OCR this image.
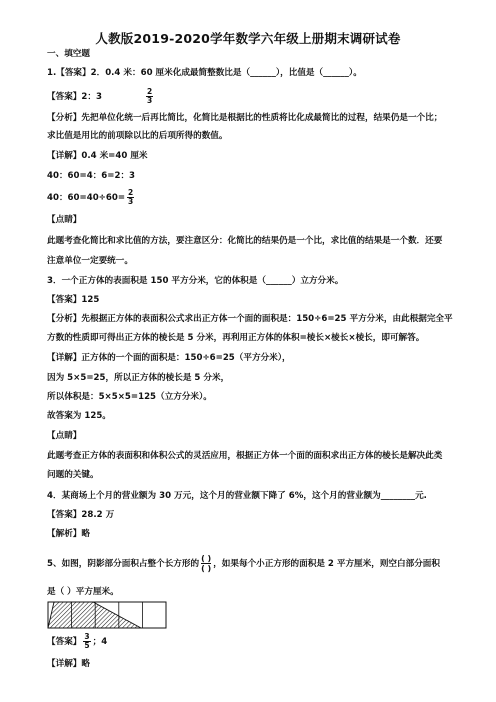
人教版2019-2020学年数学六年级上册期末调研试卷
一、填空题
1.【答案】2．0.4 米：60 厘米化成最简整数比是（______），比值是（______）。
【答案】2：3	$\frac{2}{3}$
【分析】先把单位化统一后再比简比，化简比是根据比的性质将比化成最简比的过程，结果仍是一个比；
求比值是用比的前项除以比的后项所得的数值。
【详解】0.4 米=40 厘米
40：60=4：6=2：3
40：$60=40\div 60= \frac{2}{3}$
【点睛】
此题考查化简比和求比值的方法，要注意区分：化简比的结果仍是一个比，求比值的结果是一个数．还要
注意单位一定要统一。
3．一个正方体的表面积是 150 平方分米，它的体积是（______）立方分米。
【答案】125
【分析】先根据正方体的表面积公式求出正方体一个面的面积是：150÷6=25 平方分米，由此根据完全平
方数的性质即可得出正方体的棱长是 5 分米，再利用正方体的体积=棱长×棱长×棱长，即可解答。
【详解】正方体的一个面的面积是：150÷6=25（平方分米），
因为 5×5=25，所以正方体的棱长是 5 分米，
所以体积是：5×5×5=125（立方分米）。
故答案为 125。
【点睛】
此题考查正方体的表面积和体积公式的灵活应用，根据正方体一个面的面积求出正方体的棱长是解决此类
问题的关键。
4．某商场上个月的营业额为 30 万元，这个月的营业额下降了 6%，这个月的营业额为________元.
【答案】28.2 万
【解析】略
5、如图，阴影部分面积占整个长方形的 $\frac{( )}{( )}$ ，如果每个小正方形的面积是 2 平方厘米，则空白部分面积
是（ ）平方厘米。
【答案】 $\frac{3}{5}$ ；4
【详解】略
